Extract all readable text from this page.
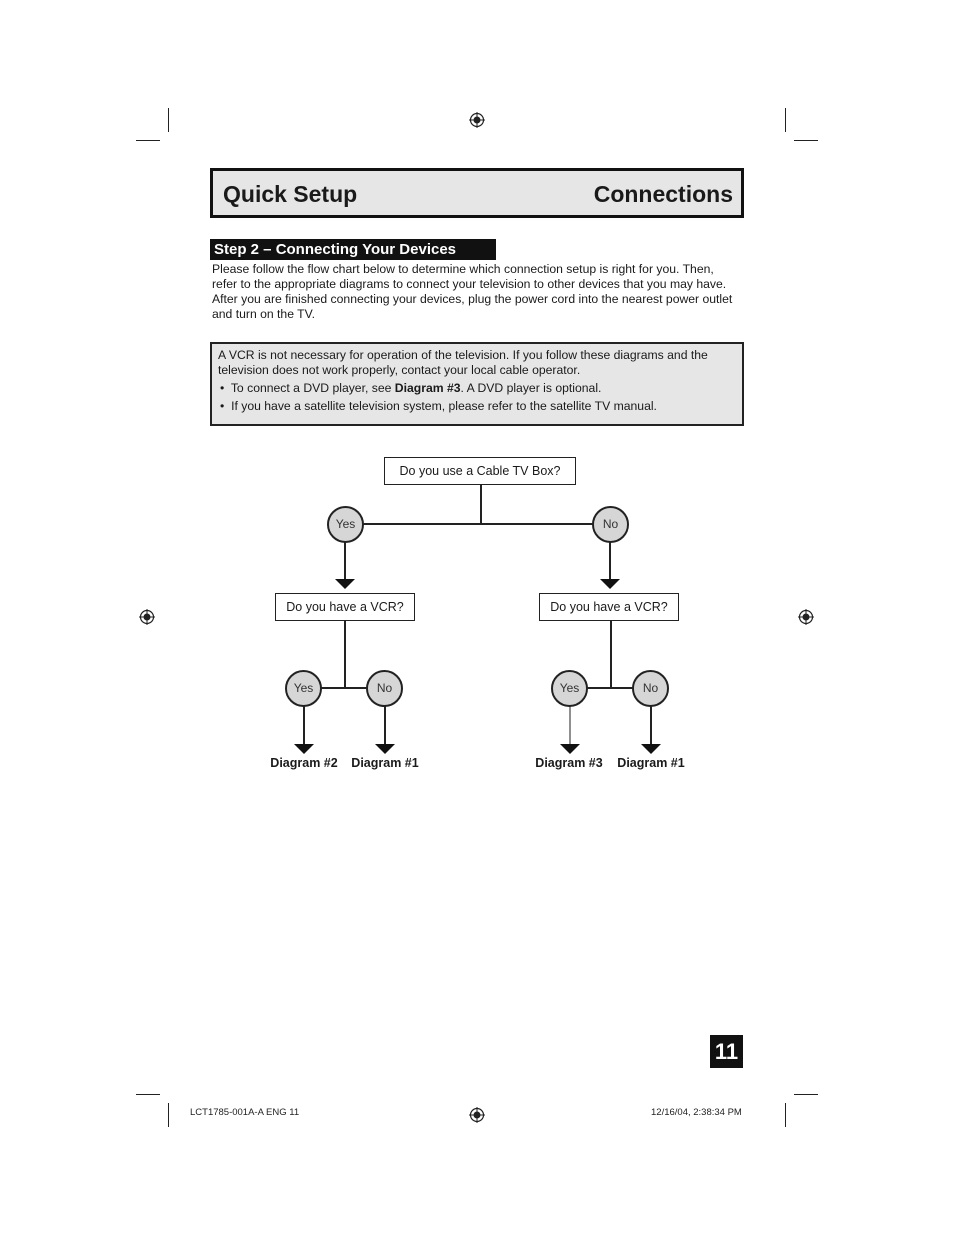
Quick Setup	Connections
Step 2 – Connecting Your Devices
Please follow the flow chart below to determine which connection setup is right for you. Then, refer to the appropriate diagrams to connect your television to other devices that you may have. After you are finished connecting your devices, plug the power cord into the nearest power outlet and turn on the TV.
A VCR is not necessary for operation of the television. If you follow these diagrams and the television does not work properly, contact your local cable operator.
• To connect a DVD player, see Diagram #3. A DVD player is optional.
• If you have a satellite television system, please refer to the satellite TV manual.
Do you use a Cable TV Box?
Yes	No
Do you have a VCR?	Do you have a VCR?
Yes	No	Yes	No
Diagram #2	Diagram #1	Diagram #3	Diagram #1
11
LCT1785-001A-A ENG 11	12/16/04, 2:38:34 PM
